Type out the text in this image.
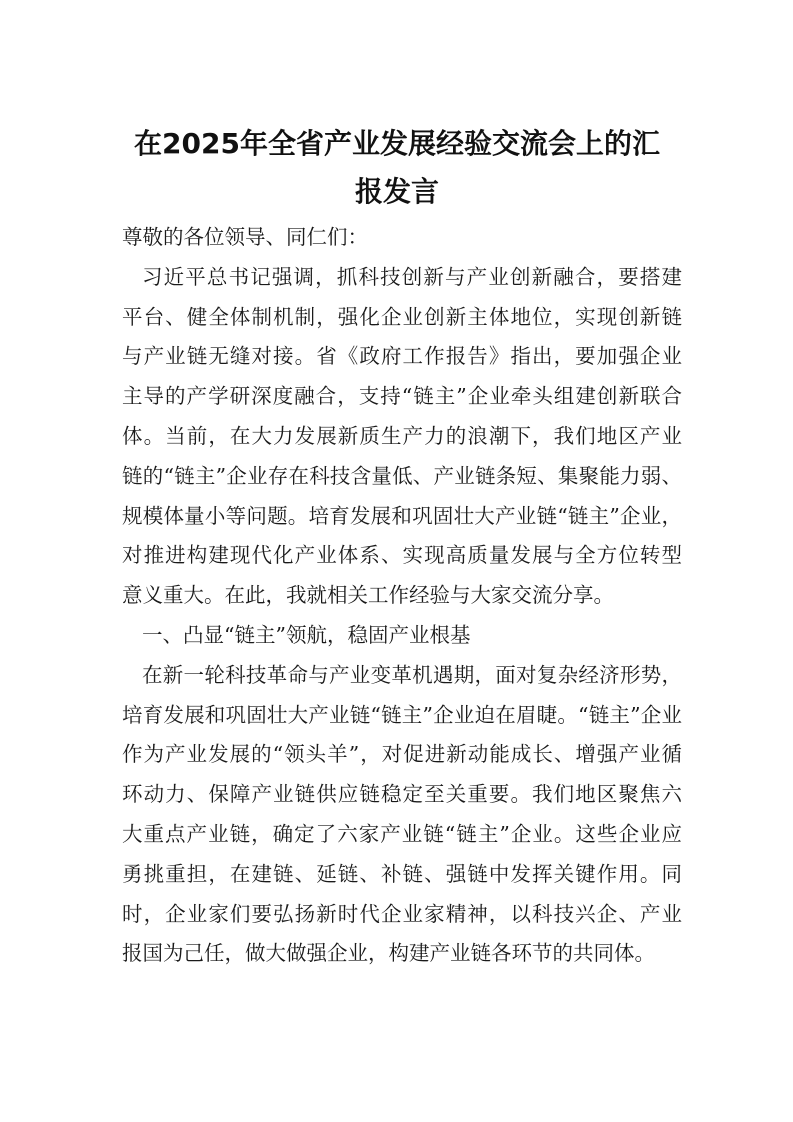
在2025年全省产业发展经验交流会上的汇
报发言
尊敬的各位领导、同仁们：
习近平总书记强调，抓科技创新与产业创新融合，要搭建
平台、健全体制机制，强化企业创新主体地位，实现创新链
与产业链无缝对接。省《政府工作报告》指出，要加强企业
主导的产学研深度融合，支持“链主”企业牵头组建创新联合
体。当前，在大力发展新质生产力的浪潮下，我们地区产业
链的“链主”企业存在科技含量低、产业链条短、集聚能力弱、
规模体量小等问题。培育发展和巩固壮大产业链“链主”企业，
对推进构建现代化产业体系、实现高质量发展与全方位转型
意义重大。在此，我就相关工作经验与大家交流分享。
一、凸显“链主”领航，稳固产业根基
在新一轮科技革命与产业变革机遇期，面对复杂经济形势，
培育发展和巩固壮大产业链“链主”企业迫在眉睫。“链主”企业
作为产业发展的“领头羊”，对促进新动能成长、增强产业循
环动力、保障产业链供应链稳定至关重要。我们地区聚焦六
大重点产业链，确定了六家产业链“链主”企业。这些企业应
勇挑重担，在建链、延链、补链、强链中发挥关键作用。同
时，企业家们要弘扬新时代企业家精神，以科技兴企、产业
报国为己任，做大做强企业，构建产业链各环节的共同体。
